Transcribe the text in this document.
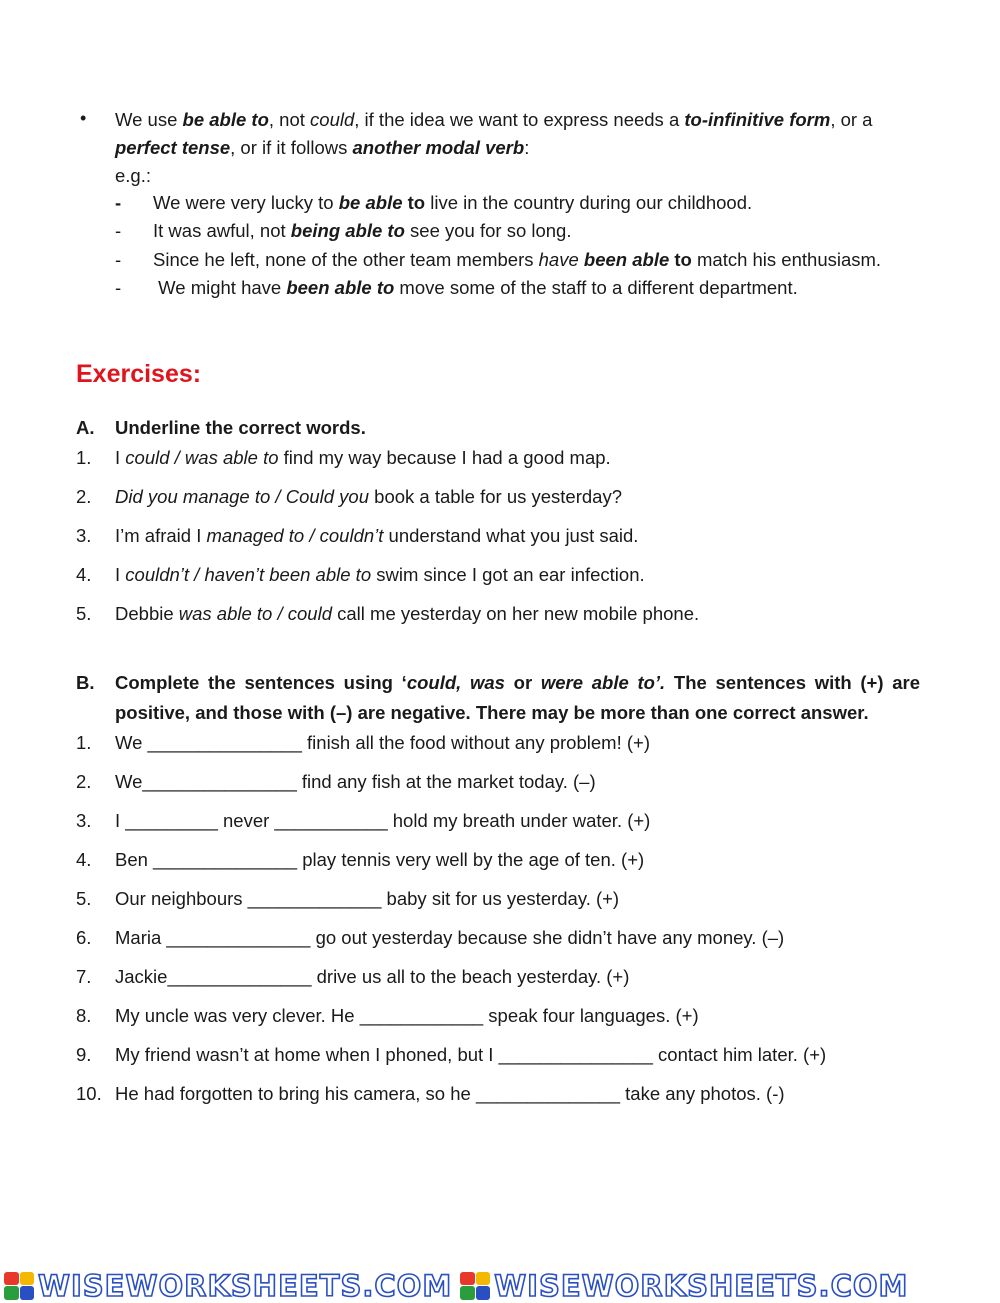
• We use be able to, not could, if the idea we want to express needs a to-infinitive form, or a perfect tense, or if it follows another modal verb:

e.g.:

- We were very lucky to be able to live in the country during our childhood.
- It was awful, not being able to see you for so long.
- Since he left, none of the other team members have been able to match his enthusiasm.
- We might have been able to move some of the staff to a different department.
Exercises:
A. Underline the correct words.
1. I could / was able to find my way because I had a good map.
2. Did you manage to / Could you book a table for us yesterday?
3. I’m afraid I managed to / couldn’t understand what you just said.
4. I couldn’t / haven’t been able to swim since I got an ear infection.
5. Debbie was able to / could call me yesterday on her new mobile phone.
B. Complete the sentences using ‘could, was or were able to’. The sentences with (+) are positive, and those with (–) are negative. There may be more than one correct answer.
1. We _______________ finish all the food without any problem! (+)
2. We_______________ find any fish at the market today. (–)
3. I _________ never ___________ hold my breath under water. (+)
4. Ben ______________ play tennis very well by the age of ten. (+)
5. Our neighbours _____________ baby sit for us yesterday. (+)
6. Maria ______________ go out yesterday because she didn’t have any money. (–)
7. Jackie______________ drive us all to the beach yesterday. (+)
8. My uncle was very clever. He ____________ speak four languages. (+)
9. My friend wasn’t at home when I phoned, but I _______________ contact him later. (+)
10. He had forgotten to bring his camera, so he ______________ take any photos. (-)
WISEWORKSHEETS.COM WISEWORKSHEETS.COM
